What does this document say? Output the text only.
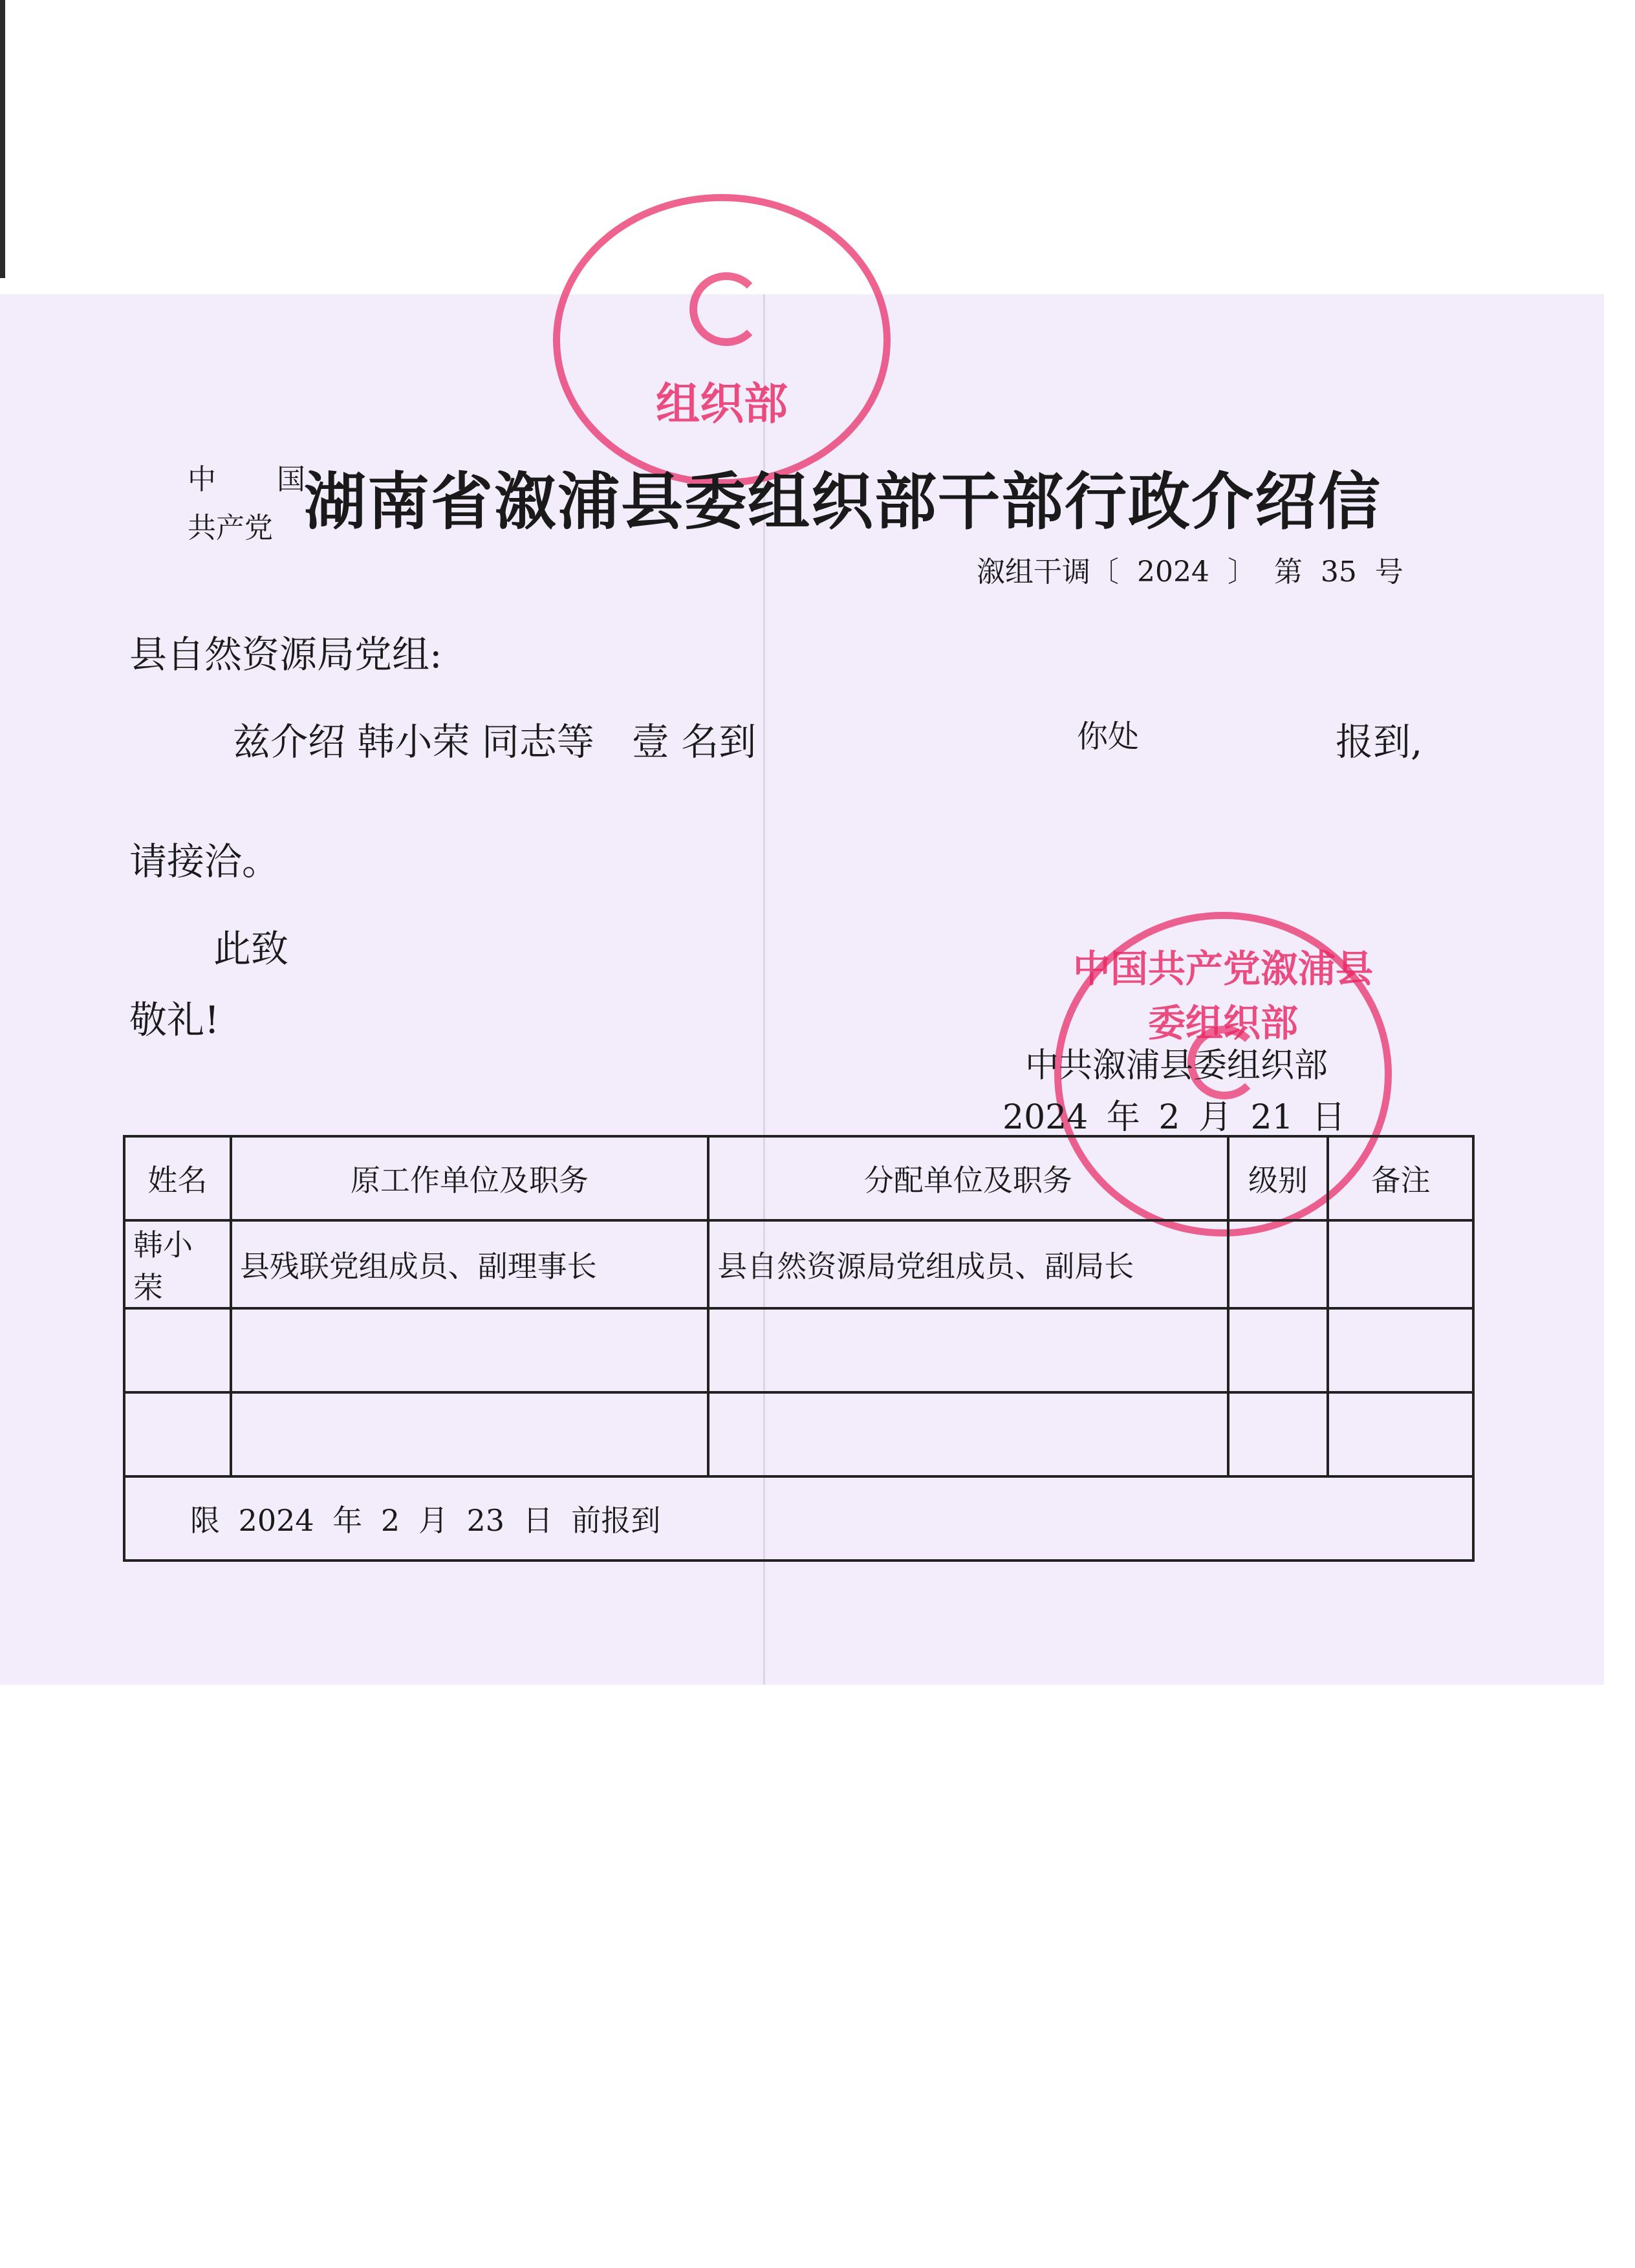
组织部
中 国
共产党 湖南省溆浦县委组织部干部行政介绍信
溆组干调〔 2024 〕 第 35 号
县自然资源局党组:
兹介绍 韩小荣 同志等　壹 名到	你处	报到,
请接洽。
此致
敬礼!
中国共产党溆浦县委组织部
中共溆浦县委组织部
2024 年 2 月 21 日
姓名	原工作单位及职务	分配单位及职务	级别	备注
韩小荣	县残联党组成员、副理事长	县自然资源局党组成员、副局长		

限 2024 年 2 月 23 日 前报到				
